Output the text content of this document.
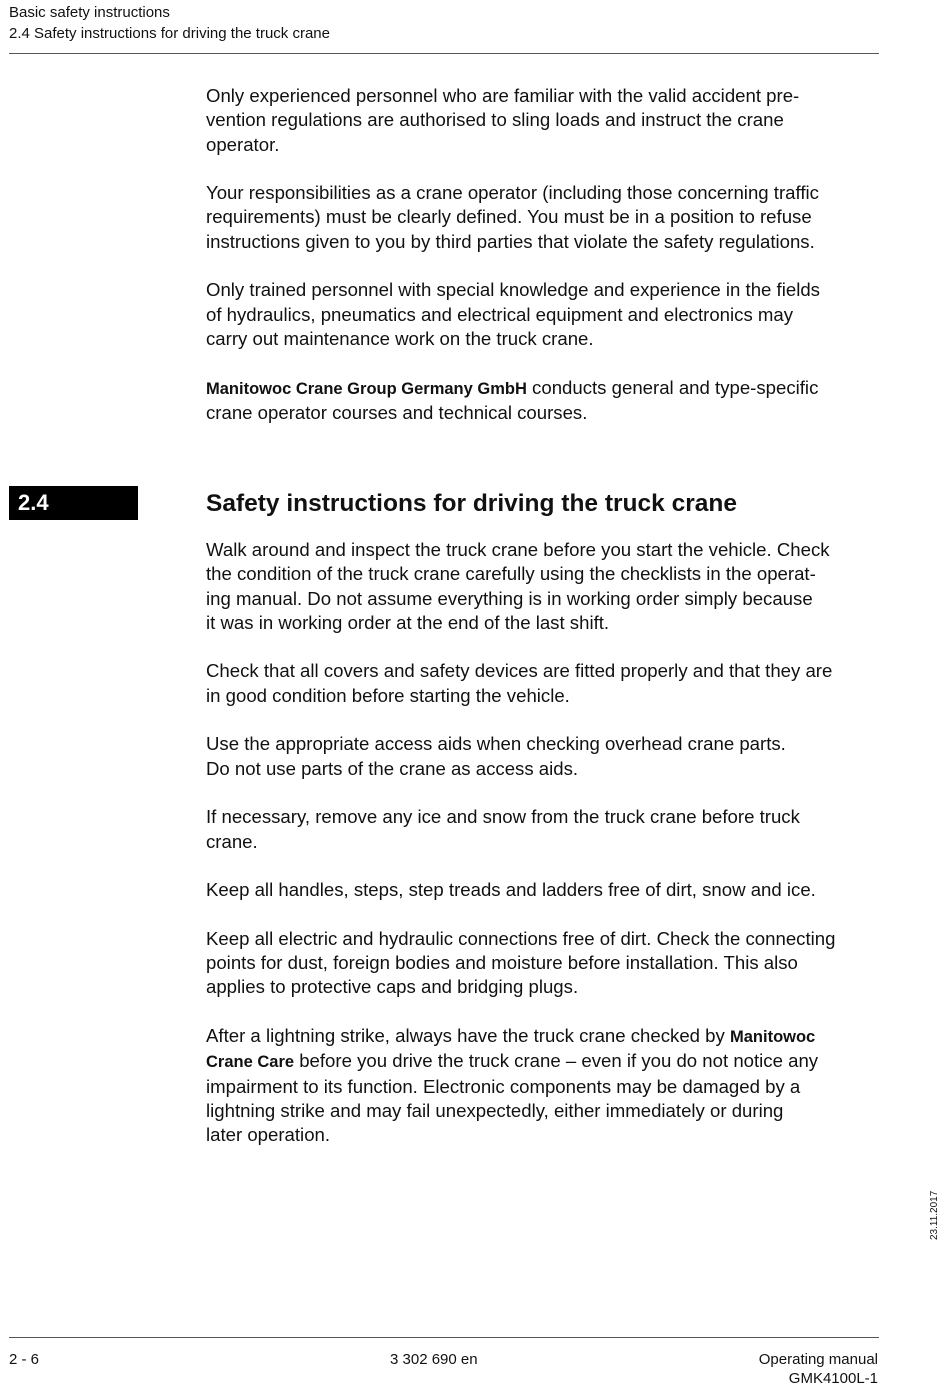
Basic safety instructions
2.4 Safety instructions for driving the truck crane

Only experienced personnel who are familiar with the valid accident pre-
vention regulations are authorised to sling loads and instruct the crane
operator.

Your responsibilities as a crane operator (including those concerning traffic
requirements) must be clearly defined. You must be in a position to refuse
instructions given to you by third parties that violate the safety regulations.

Only trained personnel with special knowledge and experience in the fields
of hydraulics, pneumatics and electrical equipment and electronics may
carry out maintenance work on the truck crane.

Manitowoc Crane Group Germany GmbH conducts general and type-specific
crane operator courses and technical courses.

2.4	Safety instructions for driving the truck crane

Walk around and inspect the truck crane before you start the vehicle. Check
the condition of the truck crane carefully using the checklists in the operat-
ing manual. Do not assume everything is in working order simply because
it was in working order at the end of the last shift.

Check that all covers and safety devices are fitted properly and that they are
in good condition before starting the vehicle.

Use the appropriate access aids when checking overhead crane parts.
Do not use parts of the crane as access aids.

If necessary, remove any ice and snow from the truck crane before truck
crane.

Keep all handles, steps, step treads and ladders free of dirt, snow and ice.

Keep all electric and hydraulic connections free of dirt. Check the connecting
points for dust, foreign bodies and moisture before installation. This also
applies to protective caps and bridging plugs.

After a lightning strike, always have the truck crane checked by Manitowoc
Crane Care before you drive the truck crane – even if you do not notice any
impairment to its function. Electronic components may be damaged by a
lightning strike and may fail unexpectedly, either immediately or during
later operation.

23.11.2017
2 - 6	3 302 690 en	Operating manual
GMK4100L-1
